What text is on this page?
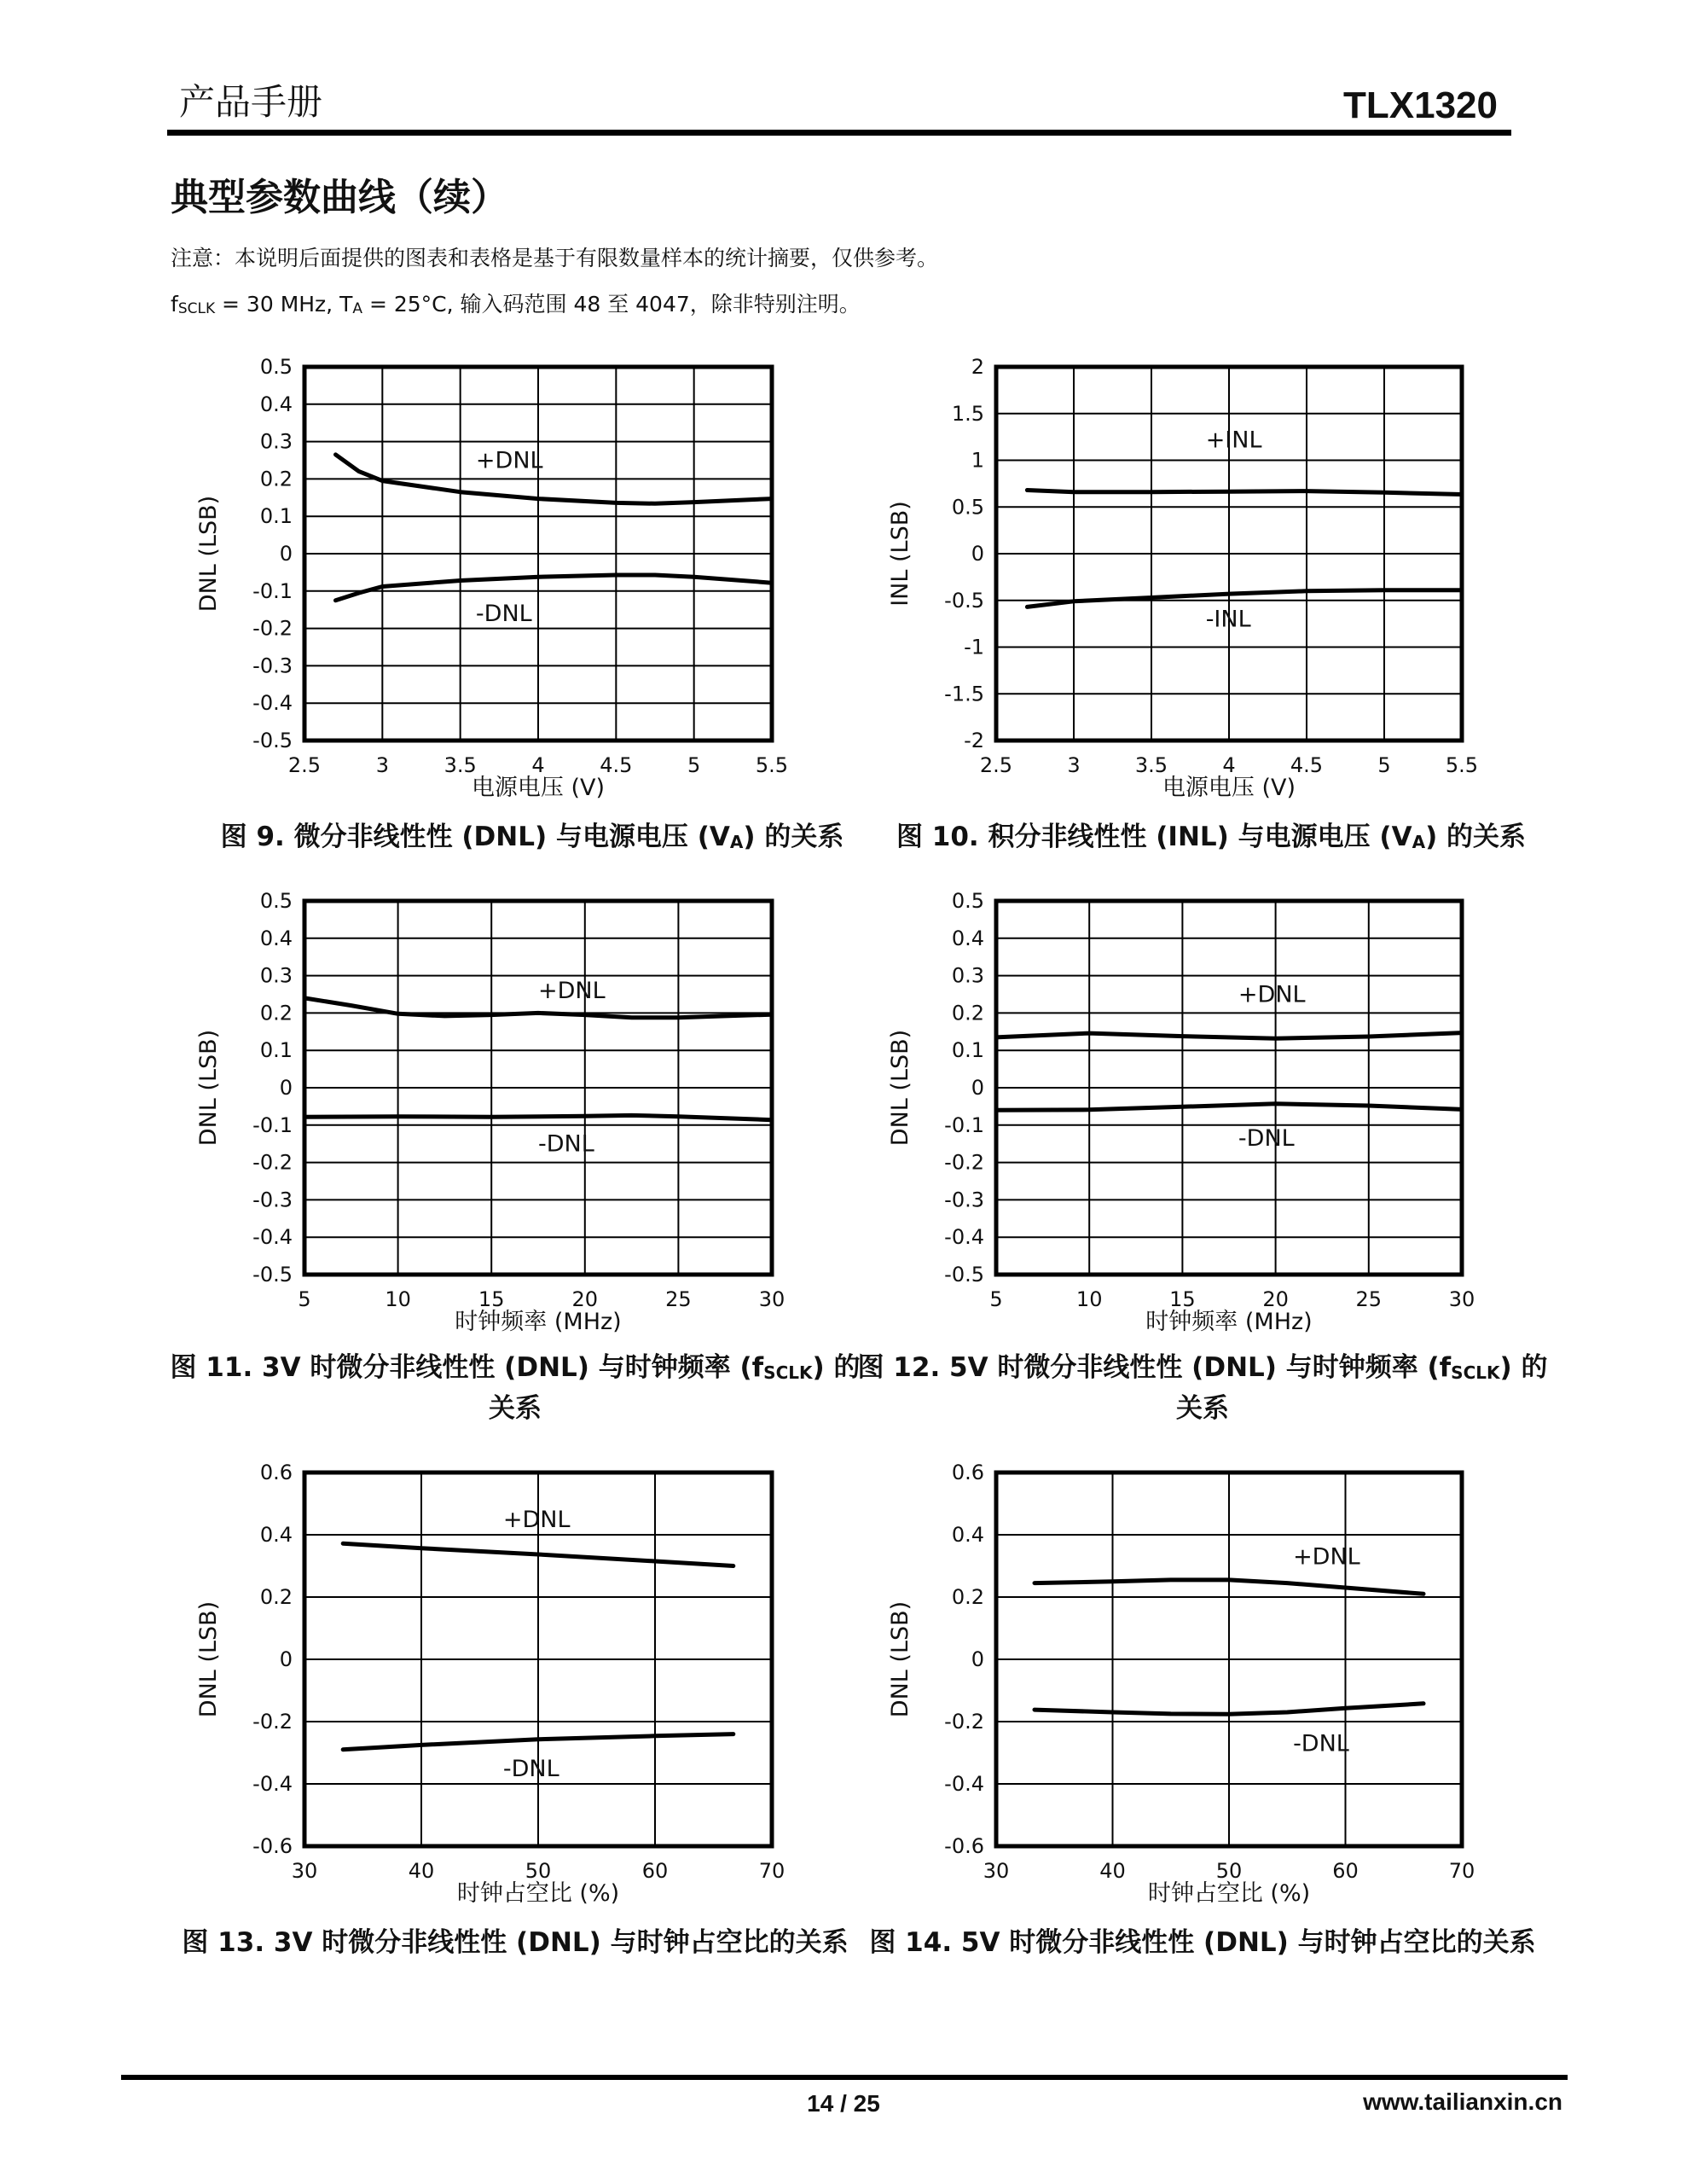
产品手册	TLX1320
典型参数曲线（续）
注意：本说明后面提供的图表和表格是基于有限数量样本的统计摘要，仅供参考。
$f_{SCLK} = 30$ MHz, $T_A = 25^\circ C$, 输入码范围 48 至 4047，除非特别注明。
2.5	3	3.5	4	4.5	5	5.5
0.5
0.4
0.3
0.2
0.1
0
-0.1
-0.2
-0.3
-0.4
-0.5
+DNL
-DNL
电源电压 (V)
DNL (LSB)
2.5	3	3.5	4	4.5	5	5.5
2
1.5
1
0.5
0
-0.5
-1
-1.5
-2
+INL
-INL
电源电压 (V)
INL (LSB)
5	10	15	20	25	30
0.5
0.4
0.3
0.2
0.1
0
-0.1
-0.2
-0.3
-0.4
-0.5
+DNL
-DNL
时钟频率 (MHz)
DNL (LSB)
5	10	15	20	25	30
0.5
0.4
0.3
0.2
0.1
0
-0.1
-0.2
-0.3
-0.4
-0.5
+DNL
-DNL
时钟频率 (MHz)
DNL (LSB)
30	40	50	60	70
0.6
0.4
0.2
0
-0.2
-0.4
-0.6
+DNL
-DNL
时钟占空比 (%)
DNL (LSB)
30	40	50	60	70
0.6
0.4
0.2
0
-0.2
-0.4
-0.6
+DNL
-DNL
时钟占空比 (%)
DNL (LSB)
图 9. 微分非线性性 (DNL) 与电源电压 $(V_A)$ 的关系	图 10. 积分非线性性 (INL) 与电源电压 $(V_A)$ 的关系
图 11. 3V 时微分非线性性 (DNL) 与时钟频率 $(f_{SCLK})$ 的
关系
图 12. 5V 时微分非线性性 (DNL) 与时钟频率 $(f_{SCLK})$ 的
关系
图 13. 3V 时微分非线性性 (DNL) 与时钟占空比的关系 图 14. 5V 时微分非线性性 (DNL) 与时钟占空比的关系
14 / 25	www.tailianxin.cn
